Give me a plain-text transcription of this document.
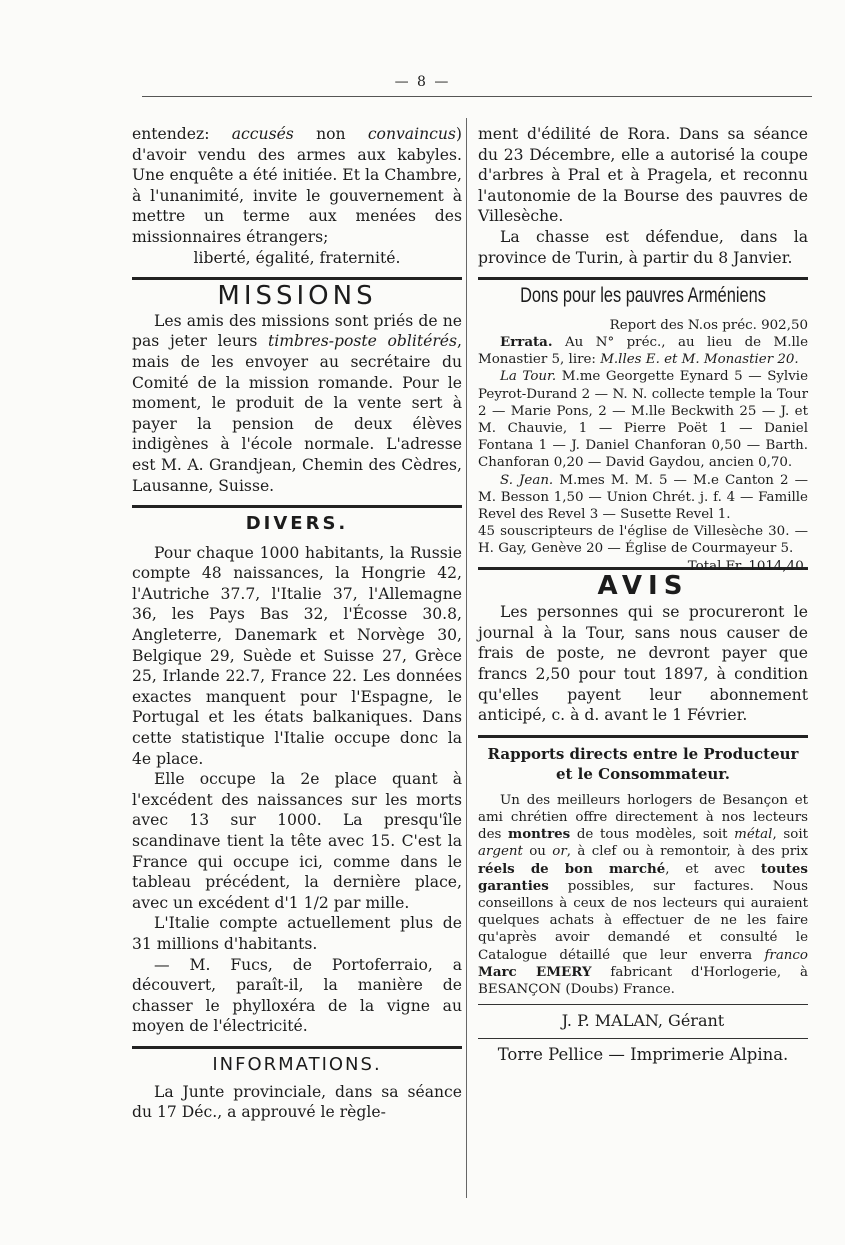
— 8 —

entendez: accusés non convaincus) d'avoir vendu des armes aux kabyles. Une enquête a été initiée. Et la Chambre, à l'unanimité, invite le gouvernement à mettre un terme aux menées des missionnaires étrangers;

liberté, égalité, fraternité.

MISSIONS

Les amis des missions sont priés de ne pas jeter leurs timbres-poste oblitérés, mais de les envoyer au secrétaire du Comité de la mission romande. Pour le moment, le produit de la vente sert à payer la pension de deux élèves indigènes à l'école normale. L'adresse est M. A. Grandjean, Chemin des Cèdres, Lausanne, Suisse.

DIVERS.

Pour chaque 1000 habitants, la Russie compte 48 naissances, la Hongrie 42, l'Autriche 37.7, l'Italie 37, l'Allemagne 36, les Pays Bas 32, l'Écosse 30.8, Angleterre, Danemark et Norvège 30, Belgique 29, Suède et Suisse 27, Grèce 25, Irlande 22.7, France 22. Les données exactes manquent pour l'Espagne, le Portugal et les états balkaniques. Dans cette statistique l'Italie occupe donc la 4e place.

Elle occupe la 2e place quant à l'excédent des naissances sur les morts avec 13 sur 1000. La presqu'île scandinave tient la tête avec 15. C'est la France qui occupe ici, comme dans le tableau précédent, la dernière place, avec un excédent d'1 1/2 par mille.

L'Italie compte actuellement plus de 31 millions d'habitants.

— M. Fucs, de Portoferraio, a découvert, paraît-il, la manière de chasser le phylloxéra de la vigne au moyen de l'électricité.

INFORMATIONS.

La Junte provinciale, dans sa séance du 17 Déc., a approuvé le règle-

ment d'édilité de Rora. Dans sa séance du 23 Décembre, elle a autorisé la coupe d'arbres à Pral et à Pragela, et reconnu l'autonomie de la Bourse des pauvres de Villesèche.

La chasse est défendue, dans la province de Turin, à partir du 8 Janvier.

Dons pour les pauvres Arméniens

Report des N.os préc. 902,50

Errata. Au N° préc., au lieu de M.lle Monastier 5, lire: M.lles E. et M. Monastier 20.

La Tour. M.me Georgette Eynard 5 — Sylvie Peyrot-Durand 2 — N. N. collecte temple la Tour 2 — Marie Pons, 2 — M.lle Beckwith 25 — J. et M. Chauvie, 1 — Pierre Poët 1 — Daniel Fontana 1 — J. Daniel Chanforan 0,50 — Barth. Chanforan 0,20 — David Gaydou, ancien 0,70.

S. Jean. M.mes M. M. 5 — M.e Canton 2 — M. Besson 1,50 — Union Chrét. j. f. 4 — Famille Revel des Revel 3 — Susette Revel 1.

45 souscripteurs de l'église de Villesèche 30. — H. Gay, Genève 20 — Église de Courmayeur 5.
Total Fr. 1014,40.

AVIS

Les personnes qui se procureront le journal à la Tour, sans nous causer de frais de poste, ne devront payer que francs 2,50 pour tout 1897, à condition qu'elles payent leur abonnement anticipé, c. à d. avant le 1 Février.

Rapports directs entre le Producteur et le Consommateur.

Un des meilleurs horlogers de Besançon et ami chrétien offre directement à nos lecteurs des montres de tous modèles, soit métal, soit argent ou or, à clef ou à remontoir, à des prix réels de bon marché, et avec toutes garanties possibles, sur factures. Nous conseillons à ceux de nos lecteurs qui auraient quelques achats à effectuer de ne les faire qu'après avoir demandé et consulté le Catalogue détaillé que leur enverra franco Marc EMERY fabricant d'Horlogerie, à BESANÇON (Doubs) France.

J. P. MALAN, Gérant
Torre Pellice — Imprimerie Alpina.
